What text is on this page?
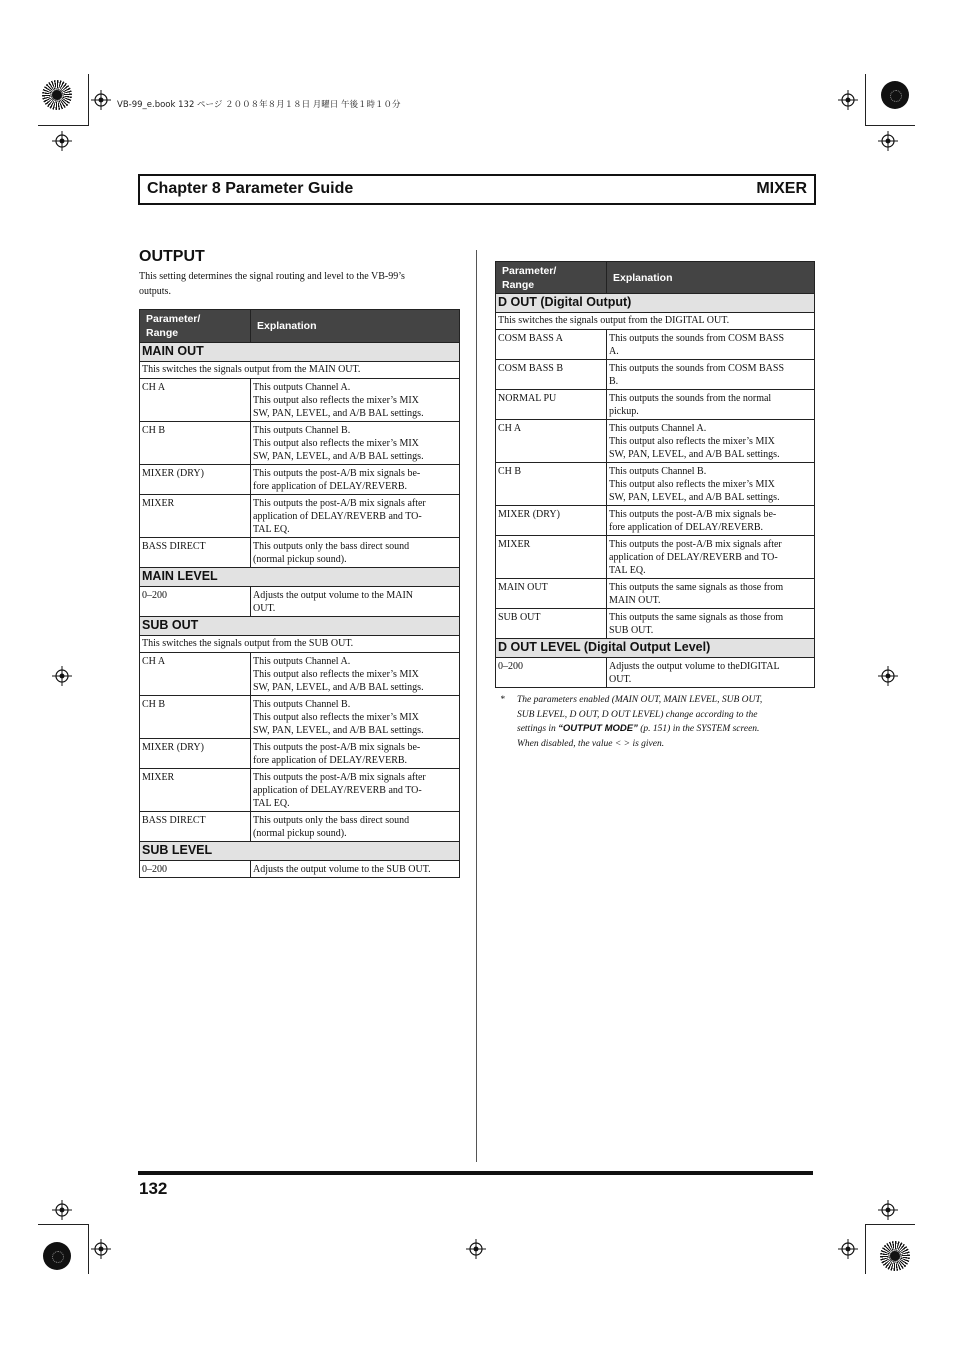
VB-99_e.book 132 ページ ２００８年８月１８日 月曜日 午後１時１０分
Chapter 8 Parameter Guide	MIXER
OUTPUT
This setting determines the signal routing and level to the VB-99’s
outputs.
Parameter/
Range	Explanation
MAIN OUT	
This switches the signals output from the MAIN OUT.	
CH A	This outputs Channel A.
This output also reflects the mixer’s MIX
SW, PAN, LEVEL, and A/B BAL settings.

CH B	This outputs Channel B.
This output also reflects the mixer’s MIX
SW, PAN, LEVEL, and A/B BAL settings.

MIXER (DRY)	This outputs the post-A/B mix signals be-
fore application of DELAY/REVERB.

MIXER	This outputs the post-A/B mix signals after
application of DELAY/REVERB and TO-
TAL EQ.

BASS DIRECT	This outputs only the bass direct sound
(normal pickup sound).

MAIN LEVEL	
0–200	Adjusts the output volume to the MAIN
OUT.

SUB OUT	
This switches the signals output from the SUB OUT.	
CH A	This outputs Channel A.
This output also reflects the mixer’s MIX
SW, PAN, LEVEL, and A/B BAL settings.

CH B	This outputs Channel B.
This output also reflects the mixer’s MIX
SW, PAN, LEVEL, and A/B BAL settings.

MIXER (DRY)	This outputs the post-A/B mix signals be-
fore application of DELAY/REVERB.

MIXER	This outputs the post-A/B mix signals after
application of DELAY/REVERB and TO-
TAL EQ.

BASS DIRECT	This outputs only the bass direct sound
(normal pickup sound).

SUB LEVEL	
0–200	Adjusts the output volume to the SUB OUT.
Parameter/
Range	Explanation
D OUT (Digital Output)	
This switches the signals output from the DIGITAL OUT.	
COSM BASS A	This outputs the sounds from COSM BASS
A.

COSM BASS B	This outputs the sounds from COSM BASS
B.

NORMAL PU	This outputs the sounds from the normal
pickup.

CH A	This outputs Channel A.
This output also reflects the mixer’s MIX
SW, PAN, LEVEL, and A/B BAL settings.

CH B	This outputs Channel B.
This output also reflects the mixer’s MIX
SW, PAN, LEVEL, and A/B BAL settings.

MIXER (DRY)	This outputs the post-A/B mix signals be-
fore application of DELAY/REVERB.

MIXER	This outputs the post-A/B mix signals after
application of DELAY/REVERB and TO-
TAL EQ.

MAIN OUT	This outputs the same signals as those from
MAIN OUT.

SUB OUT	This outputs the same signals as those from
SUB OUT.

D OUT LEVEL (Digital Output Level)	
0–200	Adjusts the output volume to theDIGITAL
OUT.
* The parameters enabled (MAIN OUT, MAIN LEVEL, SUB OUT,
SUB LEVEL, D OUT, D OUT LEVEL) change according to the
settings in “OUTPUT MODE” (p. 151) in the SYSTEM screen.
When disabled, the value < > is given.
132
